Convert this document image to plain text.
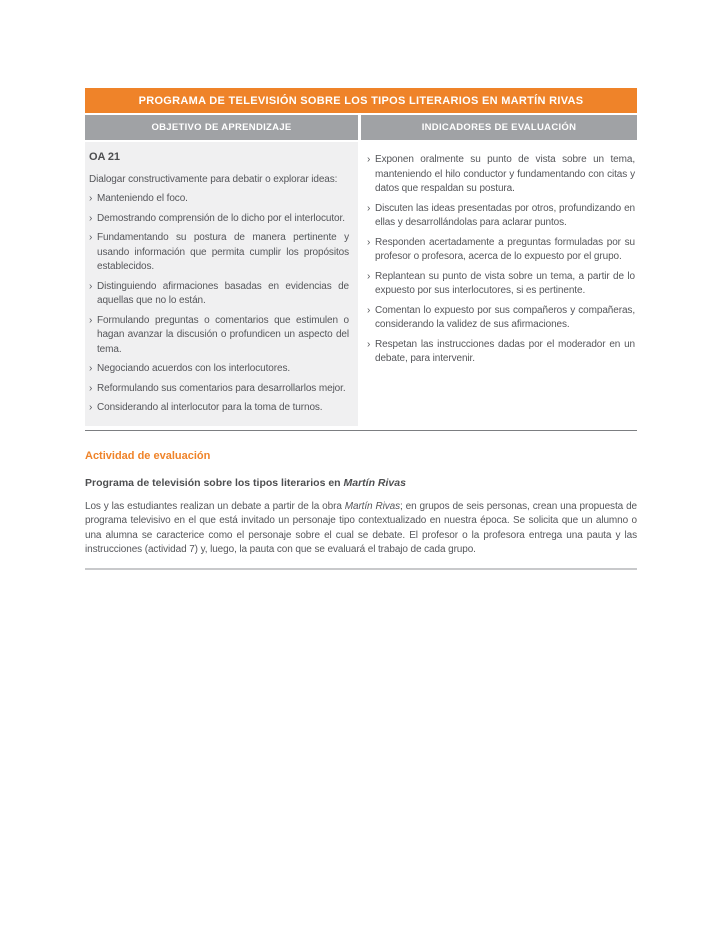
PROGRAMA DE TELEVISIÓN SOBRE LOS TIPOS LITERARIOS EN MARTÍN RIVAS
OBJETIVO DE APRENDIZAJE	INDICADORES DE EVALUACIÓN
OA 21
Dialogar constructivamente para debatir o explorar ideas:
› Manteniendo el foco.
› Demostrando comprensión de lo dicho por el interlocutor.
› Fundamentando su postura de manera pertinente y usando información que permita cumplir los propósitos establecidos.
› Distinguiendo afirmaciones basadas en evidencias de aquellas que no lo están.
› Formulando preguntas o comentarios que estimulen o hagan avanzar la discusión o profundicen un aspecto del tema.
› Negociando acuerdos con los interlocutores.
› Reformulando sus comentarios para desarrollarlos mejor.
› Considerando al interlocutor para la toma de turnos.
› Exponen oralmente su punto de vista sobre un tema, manteniendo el hilo conductor y fundamentando con citas y datos que respaldan su postura.
› Discuten las ideas presentadas por otros, profundizando en ellas y desarrollándolas para aclarar puntos.
› Responden acertadamente a preguntas formuladas por su profesor o profesora, acerca de lo expuesto por el grupo.
› Replantean su punto de vista sobre un tema, a partir de lo expuesto por sus interlocutores, si es pertinente.
› Comentan lo expuesto por sus compañeros y compañeras, considerando la validez de sus afirmaciones.
› Respetan las instrucciones dadas por el moderador en un debate, para intervenir.
Actividad de evaluación
Programa de televisión sobre los tipos literarios en Martín Rivas

Los y las estudiantes realizan un debate a partir de la obra Martín Rivas; en grupos de seis personas, crean una propuesta de programa televisivo en el que está invitado un personaje tipo contextualizado en nuestra época. Se solicita que un alumno o una alumna se caracterice como el personaje sobre el cual se debate. El profesor o la profesora entrega una pauta y las instrucciones (actividad 7) y, luego, la pauta con que se evaluará el trabajo de cada grupo.
